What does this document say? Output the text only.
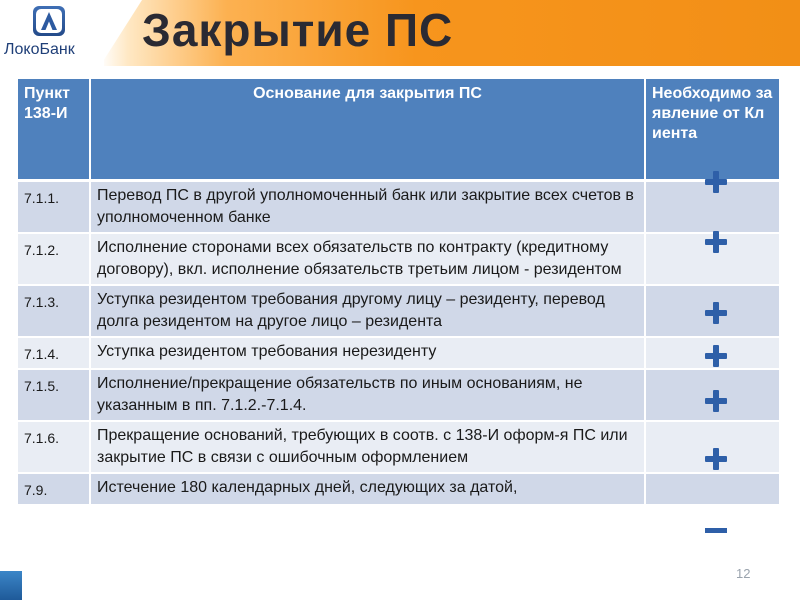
ЛокоБанк Закрытие ПС
Пункт 138-И	Основание для закрытия ПС	Необходимо заявление от Клиента
7.1.1.	Перевод ПС в другой уполномоченный банк или закрытие всех счетов в уполномоченном банке	
7.1.2.	Исполнение сторонами всех обязательств по контракту (кредитному договору), вкл. исполнение обязательств третьим лицом - резидентом	
7.1.3.	Уступка резидентом требования другому лицу – резиденту, перевод долга резидентом на другое лицо – резидента	
7.1.4.	Уступка резидентом требования нерезиденту	
7.1.5.	Исполнение/прекращение обязательств по иным основаниям, не указанным в пп. 7.1.2.-7.1.4.	
7.1.6.	Прекращение оснований, требующих в соотв. с 138-И оформ-я ПС или закрытие ПС в связи с ошибочным оформлением	
7.9.	Истечение 180 календарных дней, следующих за датой,	
12
